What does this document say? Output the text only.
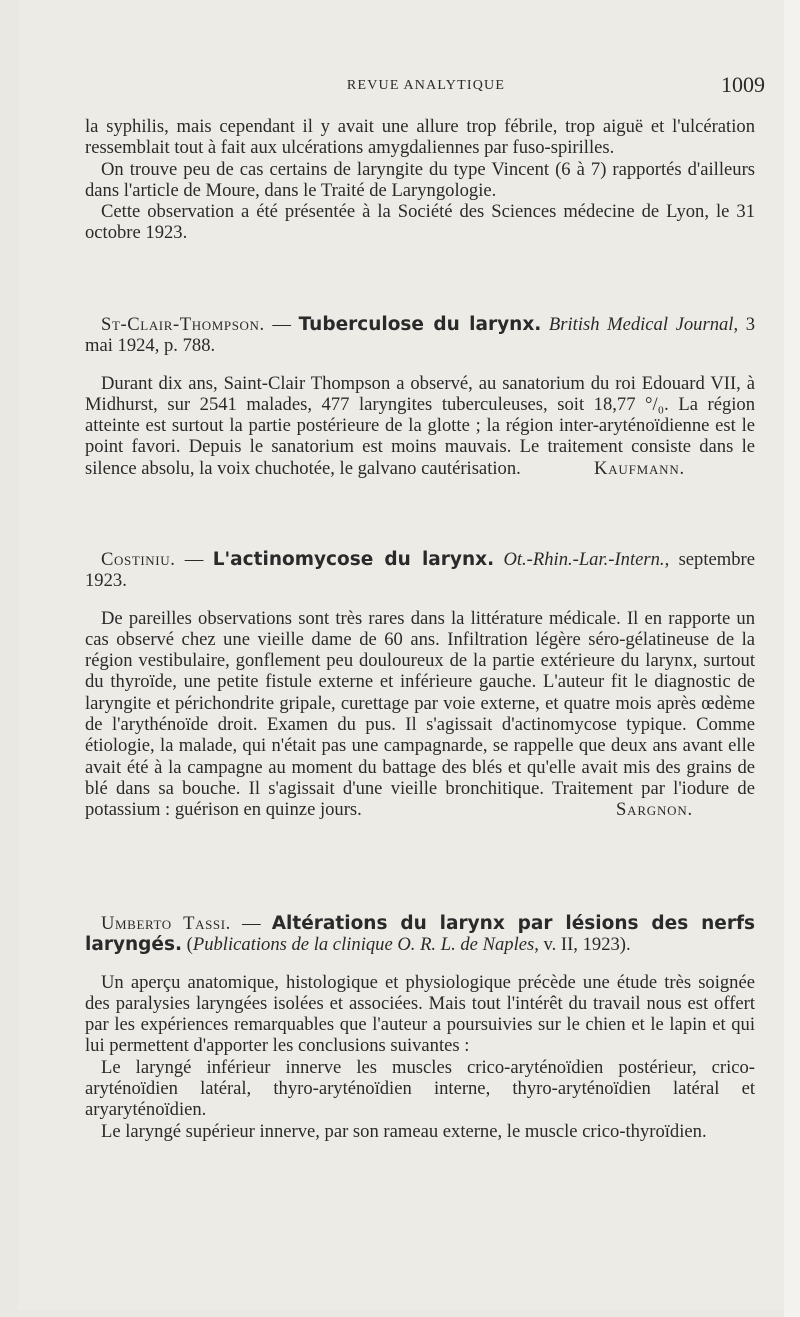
REVUE ANALYTIQUE	1009

la syphilis, mais cependant il y avait une allure trop fébrile, trop aiguë et l'ulcération ressemblait tout à fait aux ulcérations amygdaliennes par fuso-spirilles.

On trouve peu de cas certains de laryngite du type Vincent (6 à 7) rapportés d'ailleurs dans l'article de Moure, dans le Traité de Laryngologie.

Cette observation a été présentée à la Société des Sciences médecine de Lyon, le 31 octobre 1923.

St-Clair-Thompson. — Tuberculose du larynx. British Medical Journal, 3 mai 1924, p. 788.

Durant dix ans, Saint-Clair Thompson a observé, au sanatorium du roi Edouard VII, à Midhurst, sur 2541 malades, 477 laryngites tuberculeuses, soit 18,77 °/₀. La région atteinte est surtout la partie postérieure de la glotte ; la région inter-aryténoïdienne est le point favori. Depuis le sanatorium est moins mauvais. Le traitement consiste dans le silence absolu, la voix chuchotée, le galvano cautérisation.	Kaufmann.

Costiniu. — L'actinomycose du larynx. Ot.-Rhin.-Lar.-Intern., septembre 1923.

De pareilles observations sont très rares dans la littérature médicale. Il en rapporte un cas observé chez une vieille dame de 60 ans. Infiltration légère séro-gélatineuse de la région vestibulaire, gonflement peu douloureux de la partie extérieure du larynx, surtout du thyroïde, une petite fistule externe et inférieure gauche. L'auteur fit le diagnostic de laryngite et périchondrite gripale, curettage par voie externe, et quatre mois après œdème de l'arythénoïde droit. Examen du pus. Il s'agissait d'actinomycose typique. Comme étiologie, la malade, qui n'était pas une campagnarde, se rappelle que deux ans avant elle avait été à la campagne au moment du battage des blés et qu'elle avait mis des grains de blé dans sa bouche. Il s'agissait d'une vieille bronchitique. Traitement par l'iodure de potassium : guérison en quinze jours.	Sargnon.

Umberto Tassi. — Altérations du larynx par lésions des nerfs laryngés. (Publications de la clinique O. R. L. de Naples, v. II, 1923).

Un aperçu anatomique, histologique et physiologique précède une étude très soignée des paralysies laryngées isolées et associées. Mais tout l'intérêt du travail nous est offert par les expériences remarquables que l'auteur a poursuivies sur le chien et le lapin et qui lui permettent d'apporter les conclusions suivantes :

Le laryngé inférieur innerve les muscles crico-aryténoïdien postérieur, crico-aryténoïdien latéral, thyro-aryténoïdien interne, thyro-aryténoïdien latéral et aryaryténoïdien.

Le laryngé supérieur innerve, par son rameau externe, le muscle crico-thyroïdien.
